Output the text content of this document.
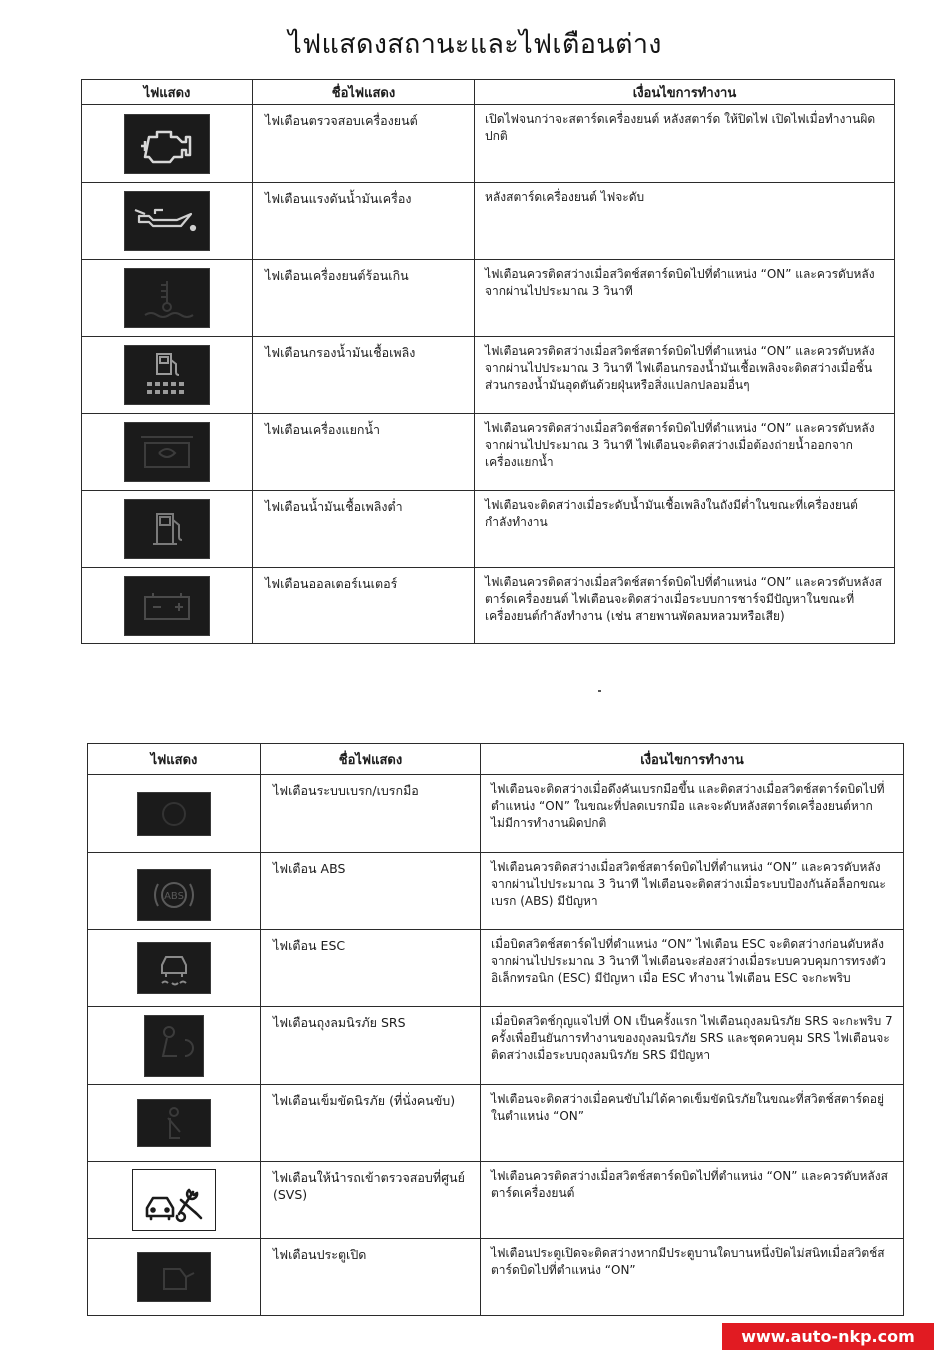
ไฟแสดงสถานะและไฟเตือนต่าง
ไฟแสดง	ชื่อไฟแสดง	เงื่อนไขการทำงาน

	ไฟเตือนตรวจสอบเครื่องยนต์	เปิดไฟจนกว่าจะสตาร์ดเครื่องยนต์ หลังสตาร์ด ให้ปิดไฟ เปิดไฟเมื่อทำงานผิดปกติ

	ไฟเตือนแรงดันน้ำมันเครื่อง	หลังสตาร์ดเครื่องยนต์ ไฟจะดับ

	ไฟเตือนเครื่องยนต์ร้อนเกิน	ไฟเตือนควรติดสว่างเมื่อสวิตช์สตาร์ดบิดไปที่ตำแหน่ง “ON” และควรดับหลังจากผ่านไปประมาณ 3 วินาที

	ไฟเตือนกรองน้ำมันเชื้อเพลิง	ไฟเตือนควรติดสว่างเมื่อสวิตช์สตาร์ดบิดไปที่ตำแหน่ง “ON” และควรดับหลังจากผ่านไปประมาณ 3 วินาที ไฟเตือนกรองน้ำมันเชื้อเพลิงจะติดสว่างเมื่อชิ้นส่วนกรองน้ำมันอุดตันด้วยฝุ่นหรือสิ่งแปลกปลอมอื่นๆ

	ไฟเตือนเครื่องแยกน้ำ	ไฟเตือนควรติดสว่างเมื่อสวิตช์สตาร์ดบิดไปที่ตำแหน่ง “ON” และควรดับหลังจากผ่านไปประมาณ 3 วินาที ไฟเตือนจะติดสว่างเมื่อต้องถ่ายน้ำออกจากเครื่องแยกน้ำ

	ไฟเตือนน้ำมันเชื้อเพลิงต่ำ	ไฟเตือนจะติดสว่างเมื่อระดับน้ำมันเชื้อเพลิงในถังมีต่ำในขณะที่เครื่องยนต์กำลังทำงาน

	ไฟเตือนออลเตอร์เนเตอร์	ไฟเตือนควรติดสว่างเมื่อสวิตช์สตาร์ดบิดไปที่ตำแหน่ง “ON” และควรดับหลังสตาร์ดเครื่องยนต์ ไฟเตือนจะติดสว่างเมื่อระบบการชาร์จมีปัญหาในขณะที่เครื่องยนต์กำลังทำงาน (เช่น สายพานพัดลมหลวมหรือเสีย)
ไฟแสดง	ชื่อไฟแสดง	เงื่อนไขการทำงาน

	ไฟเตือนระบบเบรก/เบรกมือ	ไฟเตือนจะติดสว่างเมื่อดึงคันเบรกมือขึ้น และติดสว่างเมื่อสวิตช์สตาร์ดบิดไปที่ตำแหน่ง “ON” ในขณะที่ปลดเบรกมือ และจะดับหลังสตาร์ดเครื่องยนต์หากไม่มีการทำงานผิดปกติ

ABS	ไฟเตือน ABS	ไฟเตือนควรติดสว่างเมื่อสวิตช์สตาร์ดบิดไปที่ตำแหน่ง “ON” และควรดับหลังจากผ่านไปประมาณ 3 วินาที ไฟเตือนจะติดสว่างเมื่อระบบป้องกันล้อล็อกขณะเบรก (ABS) มีปัญหา

	ไฟเตือน ESC	เมื่อบิดสวิตช์สตาร์ดไปที่ตำแหน่ง “ON” ไฟเตือน ESC จะติดสว่างก่อนดับหลังจากผ่านไปประมาณ 3 วินาที ไฟเตือนจะส่องสว่างเมื่อระบบควบคุมการทรงตัวอิเล็กทรอนิก (ESC) มีปัญหา เมื่อ ESC ทำงาน ไฟเตือน ESC จะกะพริบ

	ไฟเตือนถุงลมนิรภัย SRS	เมื่อบิดสวิตช์กุญแจไปที่ ON เป็นครั้งแรก ไฟเตือนถุงลมนิรภัย SRS จะกะพริบ 7 ครั้งเพื่อยืนยันการทำงานของถุงลมนิรภัย SRS และชุดควบคุม SRS ไฟเตือนจะติดสว่างเมื่อระบบถุงลมนิรภัย SRS มีปัญหา

	ไฟเตือนเข็มขัดนิรภัย (ที่นั่งคนขับ)	ไฟเตือนจะติดสว่างเมื่อคนขับไม่ได้คาดเข็มขัดนิรภัยในขณะที่สวิตช์สตาร์ดอยู่ในตำแหน่ง “ON”

	ไฟเตือนให้นำรถเข้าตรวจสอบที่ศูนย์ (SVS)	ไฟเตือนควรติดสว่างเมื่อสวิตช์สตาร์ดบิดไปที่ตำแหน่ง “ON” และควรดับหลังสตาร์ดเครื่องยนต์

	ไฟเตือนประตูเปิด	ไฟเตือนประตูเปิดจะติดสว่างหากมีประตูบานใดบานหนึ่งปิดไม่สนิทเมื่อสวิตช์สตาร์ดบิดไปที่ตำแหน่ง “ON”
www.auto-nkp.com
